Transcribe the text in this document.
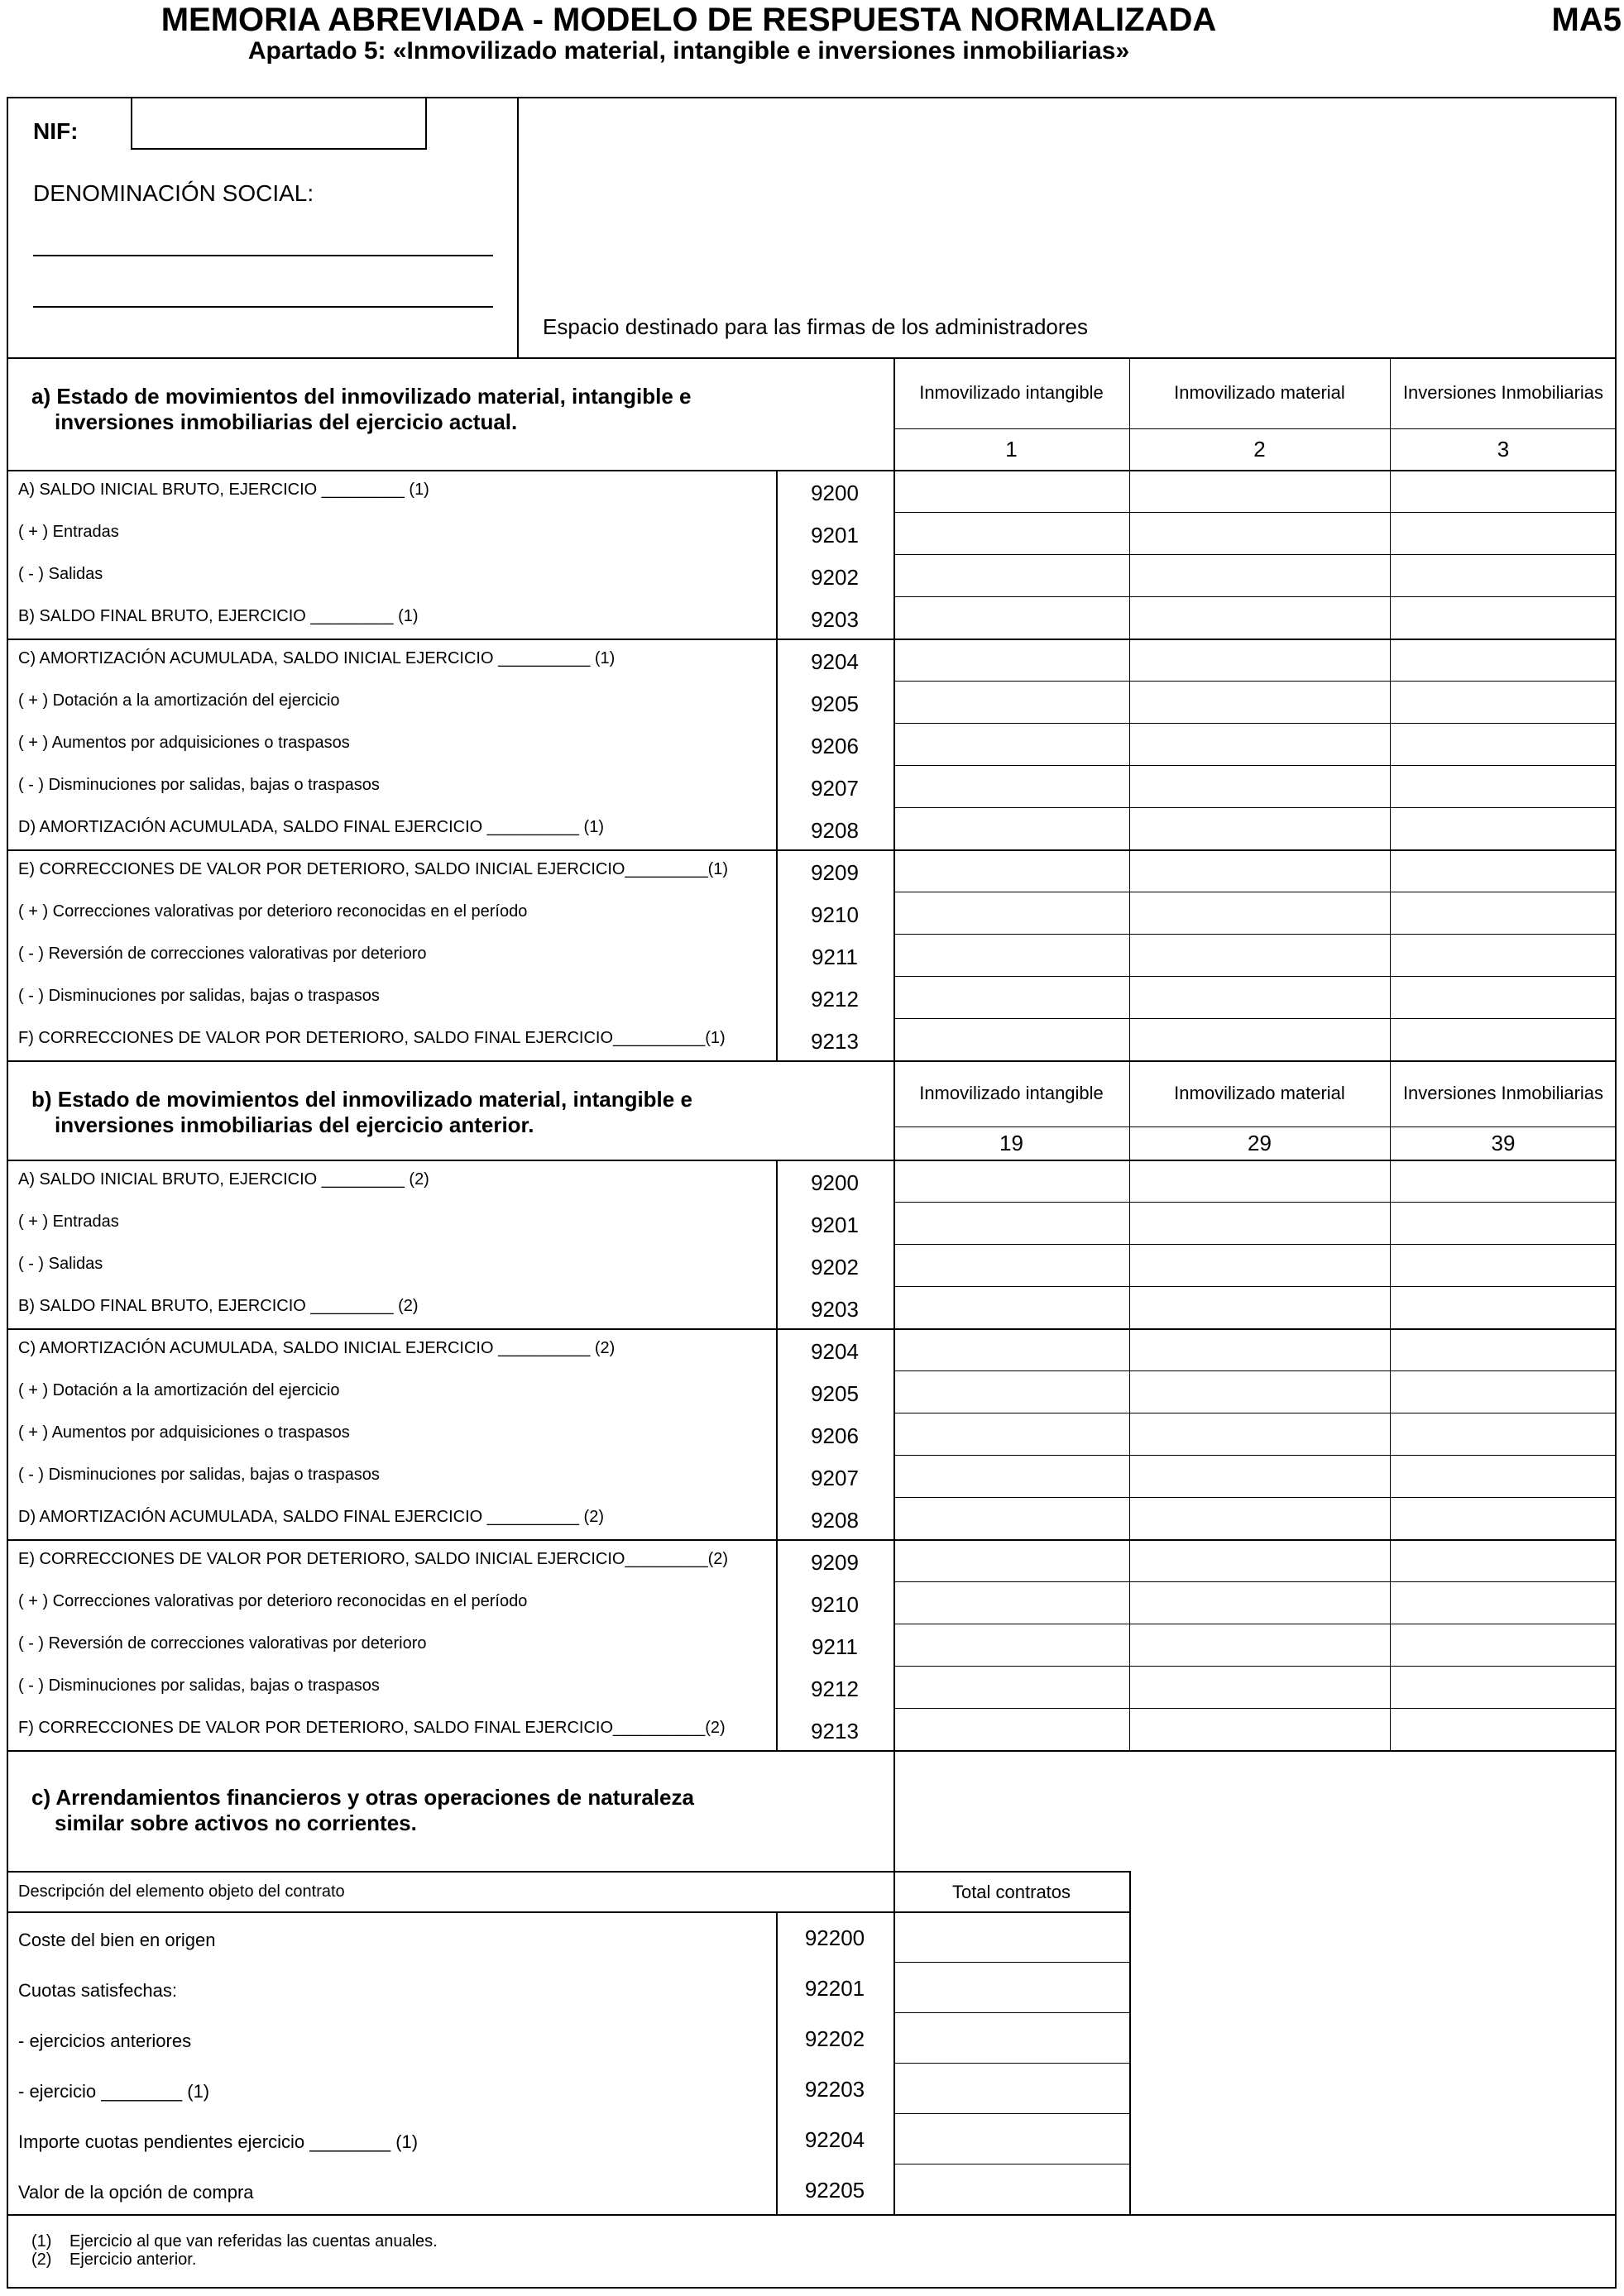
MEMORIA ABREVIADA - MODELO DE RESPUESTA NORMALIZADA
Apartado 5: «Inmovilizado material, intangible e inversiones inmobiliarias»
MA5
NIF:
DENOMINACIÓN SOCIAL:
Espacio destinado para las firmas de los administradores
a) Estado de movimientos del inmovilizado material, intangible e
inversiones inmobiliarias del ejercicio actual.
Inmovilizado intangible
1
Inmovilizado material
2
Inversiones Inmobiliarias
3
A) SALDO INICIAL BRUTO, EJERCICIO _________ (1)	9200
( + ) Entradas	9201
( - ) Salidas	9202
B) SALDO FINAL BRUTO, EJERCICIO _________ (1)	9203
C) AMORTIZACIÓN ACUMULADA, SALDO INICIAL EJERCICIO __________ (1)	9204
( + ) Dotación a la amortización del ejercicio	9205
( + ) Aumentos por adquisiciones o traspasos	9206
( - ) Disminuciones por salidas, bajas o traspasos	9207
D) AMORTIZACIÓN ACUMULADA, SALDO FINAL EJERCICIO __________ (1)	9208
E) CORRECCIONES DE VALOR POR DETERIORO, SALDO INICIAL EJERCICIO_________(1)	9209
( + ) Correcciones valorativas por deterioro reconocidas en el período	9210
( - ) Reversión de correcciones valorativas por deterioro	9211
( - ) Disminuciones por salidas, bajas o traspasos	9212
F) CORRECCIONES DE VALOR POR DETERIORO, SALDO FINAL EJERCICIO__________(1)	9213
b) Estado de movimientos del inmovilizado material, intangible e
inversiones inmobiliarias del ejercicio anterior.
Inmovilizado intangible
19
Inmovilizado material
29
Inversiones Inmobiliarias
39
A) SALDO INICIAL BRUTO, EJERCICIO _________ (2)	9200
( + ) Entradas	9201
( - ) Salidas	9202
B) SALDO FINAL BRUTO, EJERCICIO _________ (2)	9203
C) AMORTIZACIÓN ACUMULADA, SALDO INICIAL EJERCICIO __________ (2)	9204
( + ) Dotación a la amortización del ejercicio	9205
( + ) Aumentos por adquisiciones o traspasos	9206
( - ) Disminuciones por salidas, bajas o traspasos	9207
D) AMORTIZACIÓN ACUMULADA, SALDO FINAL EJERCICIO __________ (2)	9208
E) CORRECCIONES DE VALOR POR DETERIORO, SALDO INICIAL EJERCICIO_________(2)	9209
( + ) Correcciones valorativas por deterioro reconocidas en el período	9210
( - ) Reversión de correcciones valorativas por deterioro	9211
( - ) Disminuciones por salidas, bajas o traspasos	9212
F) CORRECCIONES DE VALOR POR DETERIORO, SALDO FINAL EJERCICIO__________(2)	9213
c) Arrendamientos financieros y otras operaciones de naturaleza
similar sobre activos no corrientes.
Descripción del elemento objeto del contrato	Total contratos
Coste del bien en origen	92200
Cuotas satisfechas:	92201
- ejercicios anteriores	92202
- ejercicio ________ (1)	92203
Importe cuotas pendientes ejercicio ________ (1)	92204
Valor de la opción de compra	92205
(1) Ejercicio al que van referidas las cuentas anuales.
(2) Ejercicio anterior.
